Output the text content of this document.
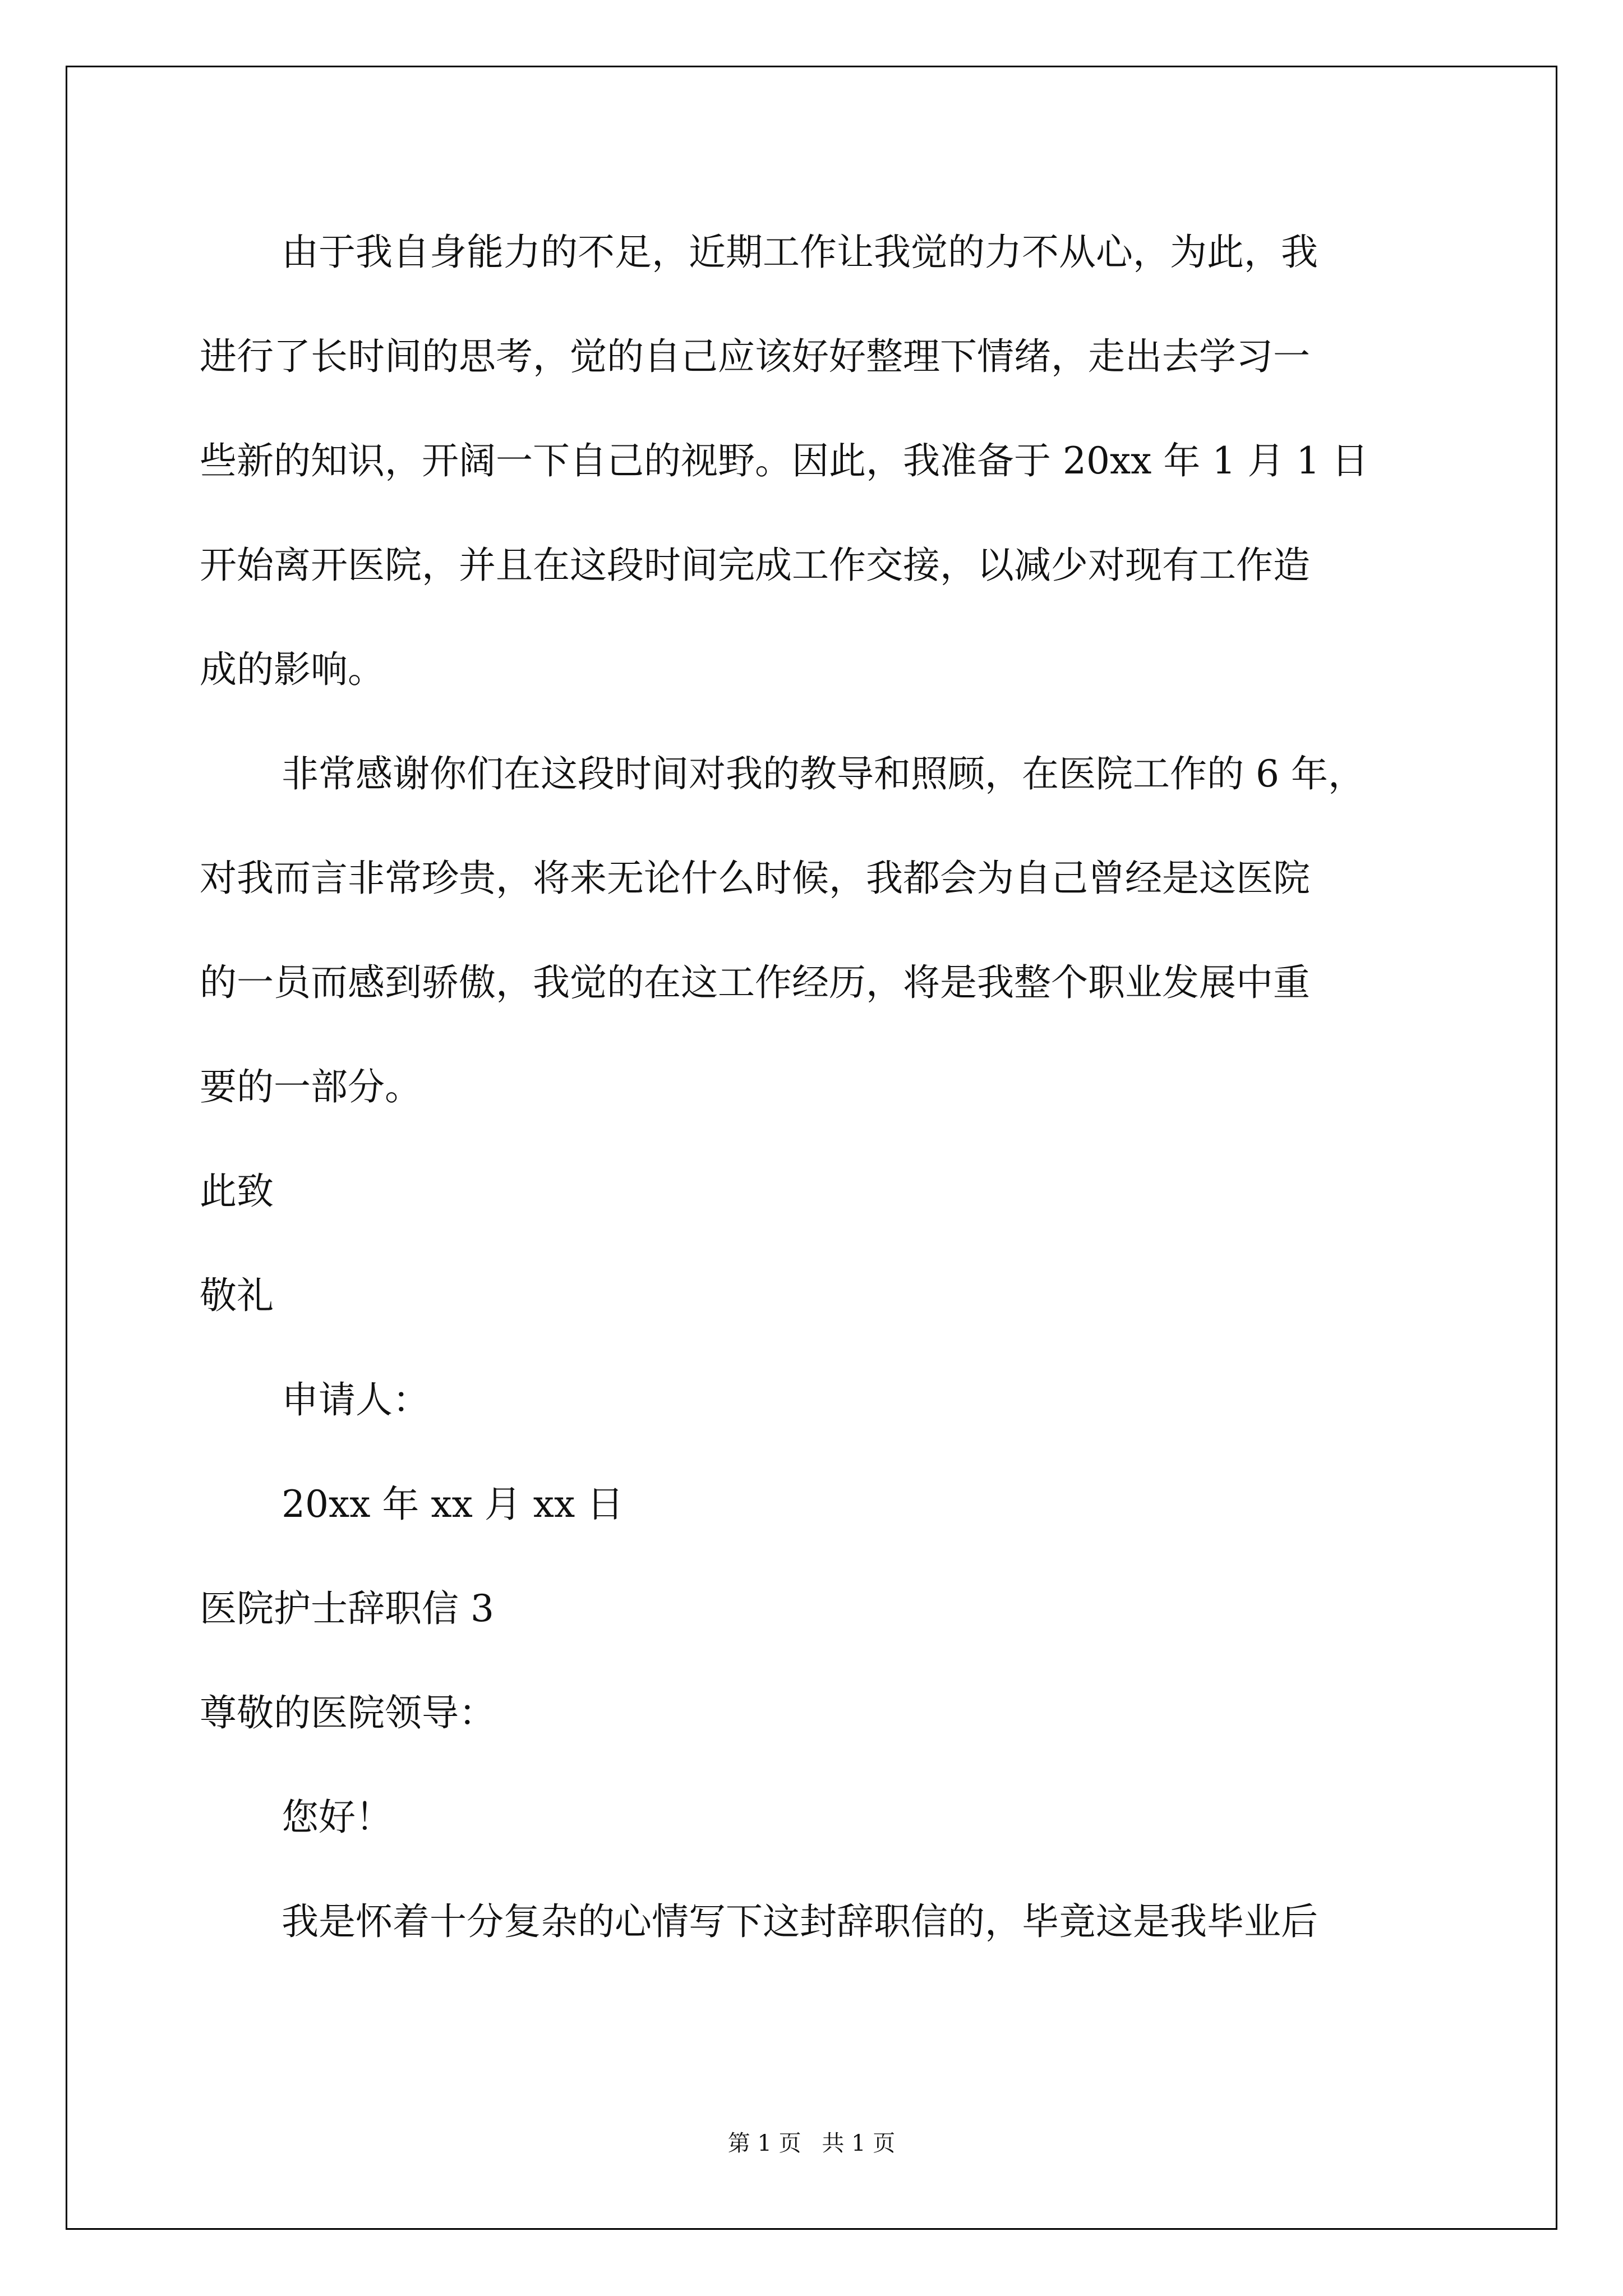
由于我自身能力的不足，近期工作让我觉的力不从心，为此，我
进行了长时间的思考，觉的自己应该好好整理下情绪，走出去学习一
些新的知识，开阔一下自己的视野。因此，我准备于 20xx 年 1 月 1 日
开始离开医院，并且在这段时间完成工作交接，以减少对现有工作造
成的影响。
非常感谢你们在这段时间对我的教导和照顾，在医院工作的 6 年，
对我而言非常珍贵，将来无论什么时候，我都会为自己曾经是这医院
的一员而感到骄傲，我觉的在这工作经历，将是我整个职业发展中重
要的一部分。
此致
敬礼
申请人：
20xx 年 xx 月 xx 日
医院护士辞职信 3
尊敬的医院领导：
您好！
我是怀着十分复杂的心情写下这封辞职信的，毕竟这是我毕业后
第 1 页 共 1 页
